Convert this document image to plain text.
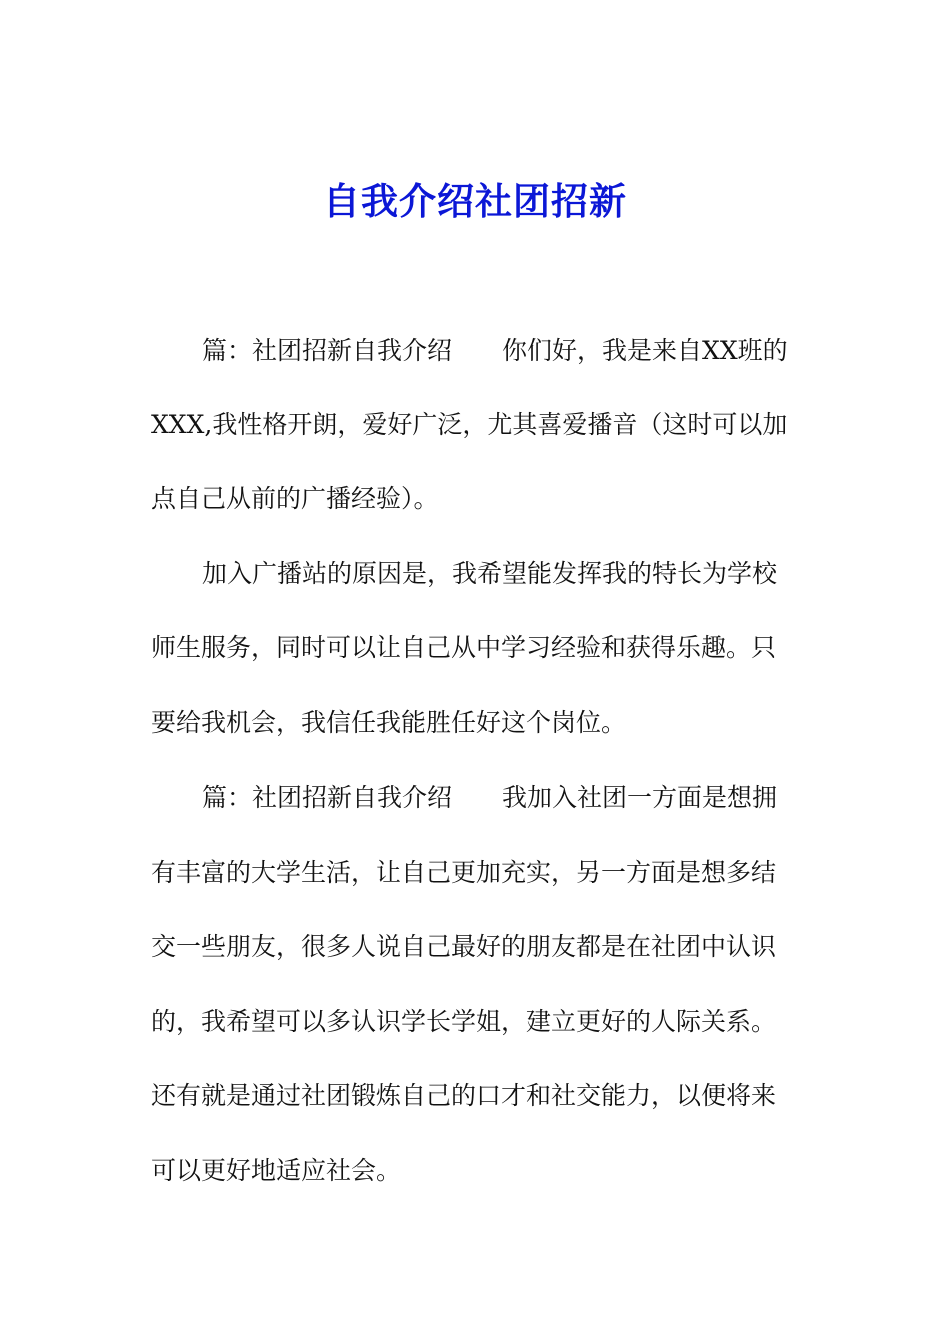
自我介绍社团招新
篇：社团招新自我介绍 你们好，我是来自XX班的
XXX,我性格开朗，爱好广泛，尤其喜爱播音（这时可以加
点自己从前的广播经验）。
加入广播站的原因是，我希望能发挥我的特长为学校
师生服务，同时可以让自己从中学习经验和获得乐趣。只
要给我机会，我信任我能胜任好这个岗位。
篇：社团招新自我介绍 我加入社团一方面是想拥
有丰富的大学生活，让自己更加充实，另一方面是想多结
交一些朋友，很多人说自己最好的朋友都是在社团中认识
的，我希望可以多认识学长学姐，建立更好的人际关系。
还有就是通过社团锻炼自己的口才和社交能力，以便将来
可以更好地适应社会。
